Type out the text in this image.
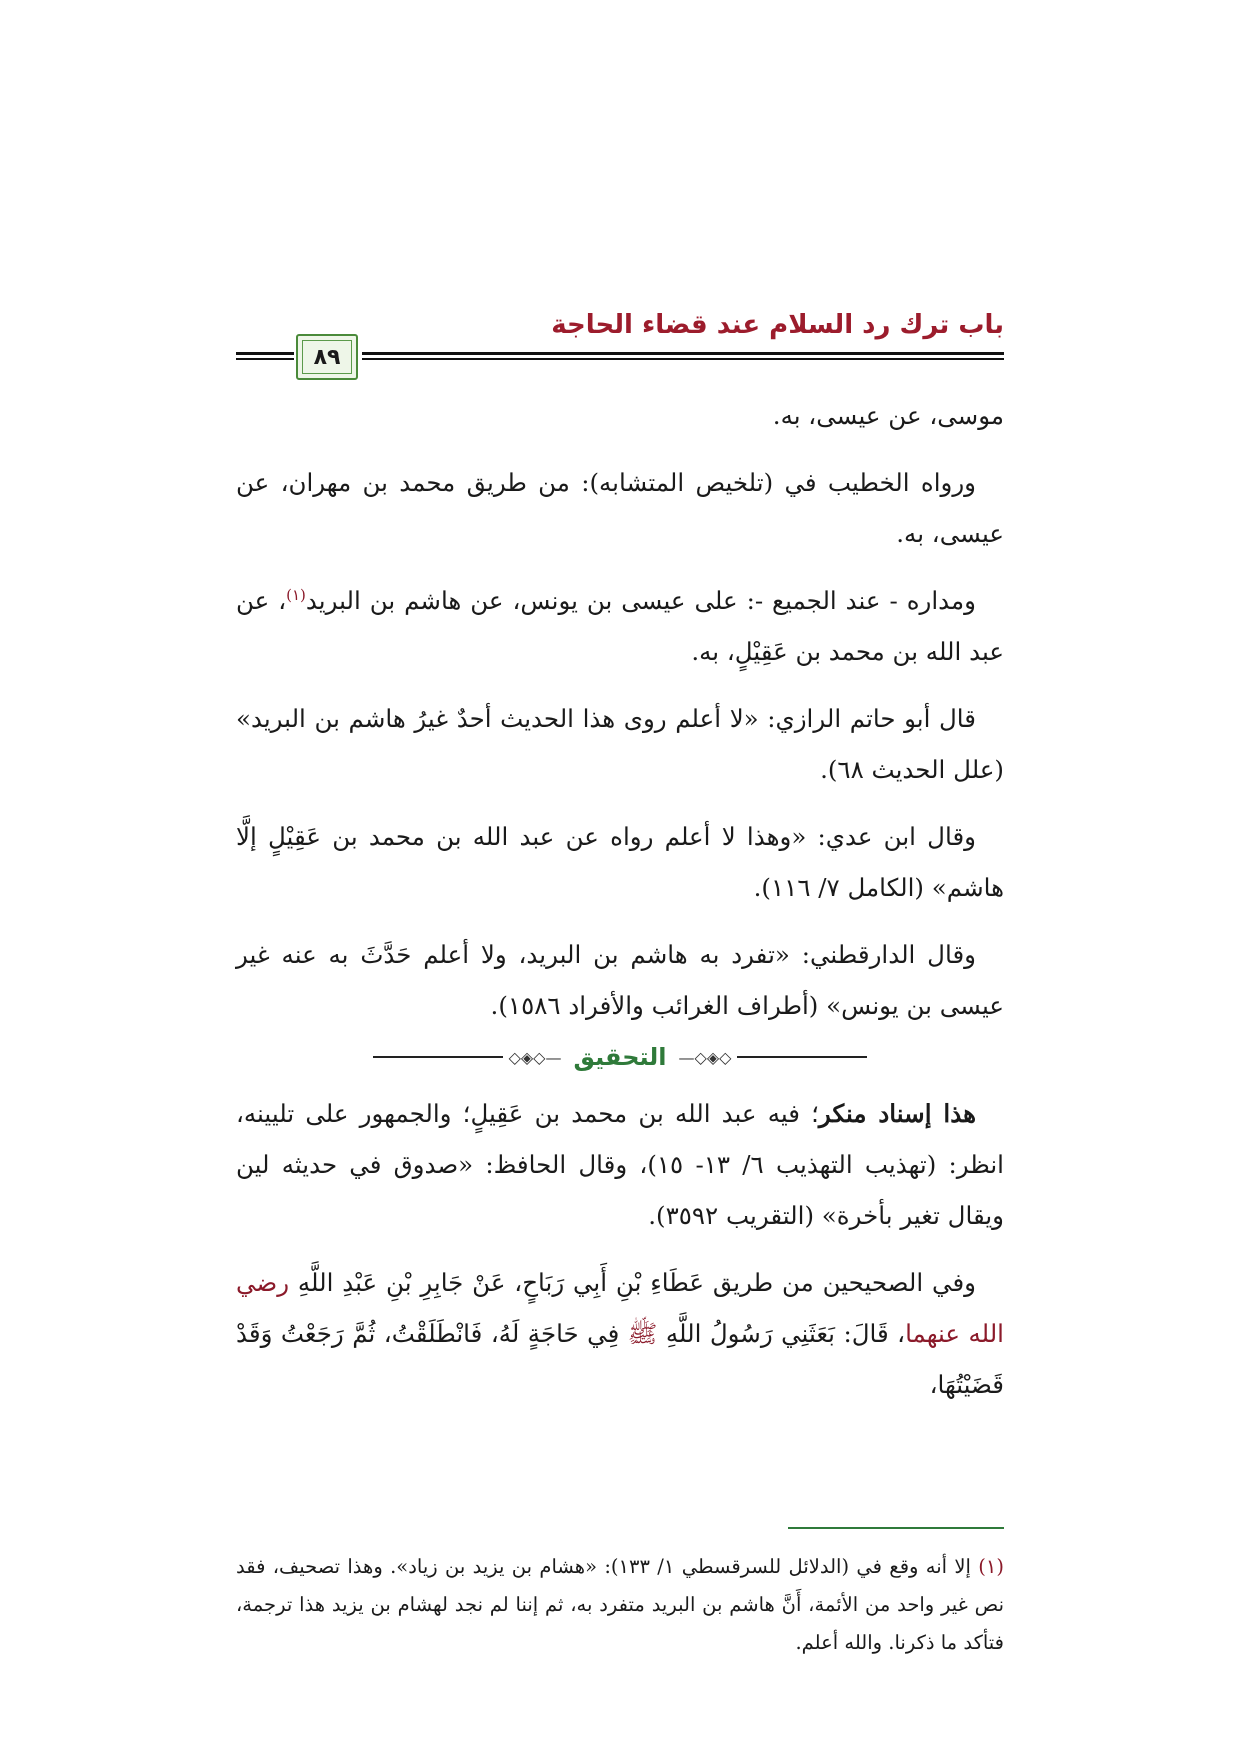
باب ترك رد السلام عند قضاء الحاجة
٨٩

موسى، عن عيسى، به.

ورواه الخطيب في (تلخيص المتشابه): من طريق محمد بن مهران، عن عيسى، به.

ومداره - عند الجميع -: على عيسى بن يونس، عن هاشم بن البريد$^{(١)}$، عن عبد الله بن محمد بن عَقِيْلٍ، به.

قال أبو حاتم الرازي: «لا أعلم روى هذا الحديث أحدٌ غيرُ هاشم بن البريد» (علل الحديث ٦٨).

وقال ابن عدي: «وهذا لا أعلم رواه عن عبد الله بن محمد بن عَقِيْلٍ إلَّا هاشم» (الكامل ٧/ ١١٦).

وقال الدارقطني: «تفرد به هاشم بن البريد، ولا أعلم حَدَّثَ به عنه غير عيسى بن يونس» (أطراف الغرائب والأفراد ١٥٨٦).

◇◈◇—
التحقيق
—◇◈◇

هذا إسناد منكر؛ فيه عبد الله بن محمد بن عَقِيلٍ؛ والجمهور على تليينه، انظر: (تهذيب التهذيب ٦/ ١٣- ١٥)، وقال الحافظ: «صدوق في حديثه لين ويقال تغير بأخرة» (التقريب ٣٥٩٢).

وفي الصحيحين من طريق عَطَاءِ بْنِ أَبِي رَبَاحٍ، عَنْ جَابِرِ بْنِ عَبْدِ اللَّهِ رضي الله عنهما، قَالَ: بَعَثَنِي رَسُولُ اللَّهِ ﷺ فِي حَاجَةٍ لَهُ، فَانْطَلَقْتُ، ثُمَّ رَجَعْتُ وَقَدْ قَضَيْتُهَا،

(١) إلا أنه وقع في (الدلائل للسرقسطي ١/ ١٣٣): «هشام بن يزيد بن زياد». وهذا تصحيف، فقد نص غير واحد من الأئمة، أَنَّ هاشم بن البريد متفرد به، ثم إننا لم نجد لهشام بن يزيد هذا ترجمة، فتأكد ما ذكرنا. والله أعلم.
